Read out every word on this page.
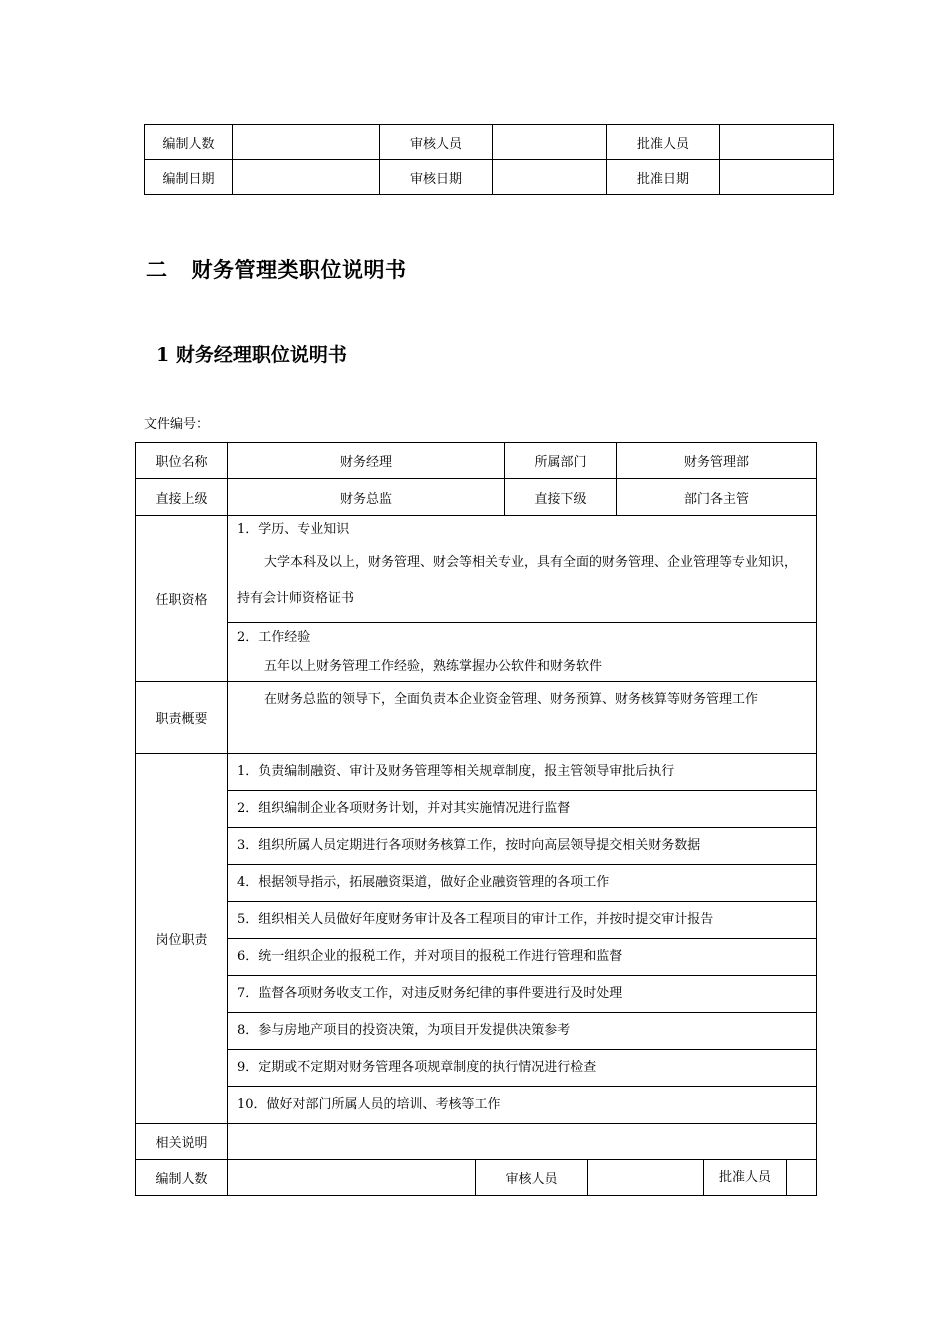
编制人数		审核人员		批准人员	
编制日期		审核日期		批准日期	
二 财务管理类职位说明书
1 财务经理职位说明书
文件编号：
职位名称	财务经理		所属部门		财务管理部	
直接上级	财务总监		直接下级		部门各主管	
任职资格	1．学历、专业知识
大学本科及以上，财务管理、财会等相关专业，具有全面的财务管理、企业管理等专业知识，持有会计师资格证书					

	2．工作经验
五年以上财务管理工作经验，熟练掌握办公软件和财务软件					

职责概要	在财务总监的领导下，全面负责本企业资金管理、财务预算、财务核算等财务管理工作					

岗位职责	1．负责编制融资、审计及财务管理等相关规章制度，报主管领导审批后执行					
	2．组织编制企业各项财务计划，并对其实施情况进行监督					
	3．组织所属人员定期进行各项财务核算工作，按时向高层领导提交相关财务数据					
	4．根据领导指示，拓展融资渠道，做好企业融资管理的各项工作					
	5．组织相关人员做好年度财务审计及各工程项目的审计工作，并按时提交审计报告					
	6．统一组织企业的报税工作，并对项目的报税工作进行管理和监督					
	7．监督各项财务收支工作，对违反财务纪律的事件要进行及时处理					
	8．参与房地产项目的投资决策，为项目开发提供决策参考					
	9．定期或不定期对财务管理各项规章制度的执行情况进行检查					
	10．做好对部门所属人员的培训、考核等工作					
相关说明						
编制人数		审核人员				批准人员
